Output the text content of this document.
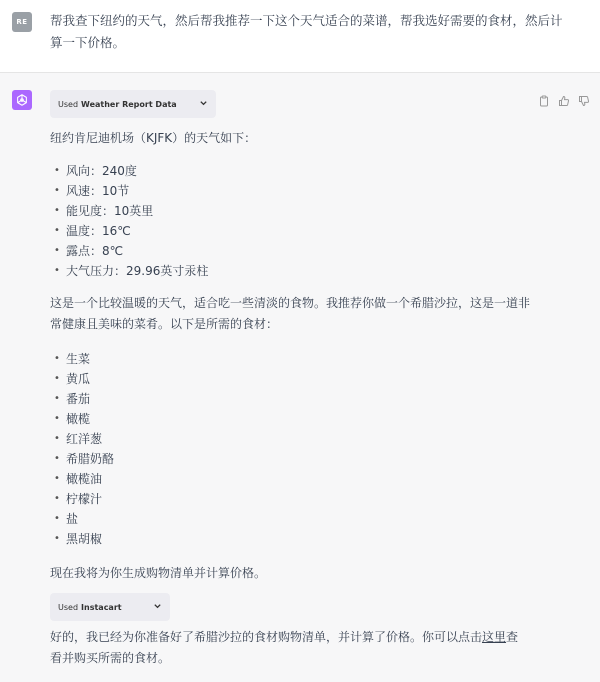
RE	帮我查下纽约的天气，然后帮我推荐一下这个天气适合的菜谱，帮我选好需要的食材，然后计算一下价格。
Used Weather Report Data
纽约肯尼迪机场（KJFK）的天气如下：
• 风向：240度
• 风速：10节
• 能见度：10英里
• 温度：16℃
• 露点：8℃
• 大气压力：29.96英寸汞柱
这是一个比较温暖的天气，适合吃一些清淡的食物。我推荐你做一个希腊沙拉，这是一道非常健康且美味的菜肴。以下是所需的食材：
• 生菜
• 黄瓜
• 番茄
• 橄榄
• 红洋葱
• 希腊奶酪
• 橄榄油
• 柠檬汁
• 盐
• 黑胡椒
现在我将为你生成购物清单并计算价格。
Used Instacart
好的，我已经为你准备好了希腊沙拉的食材购物清单，并计算了价格。你可以点击这里查看并购买所需的食材。
